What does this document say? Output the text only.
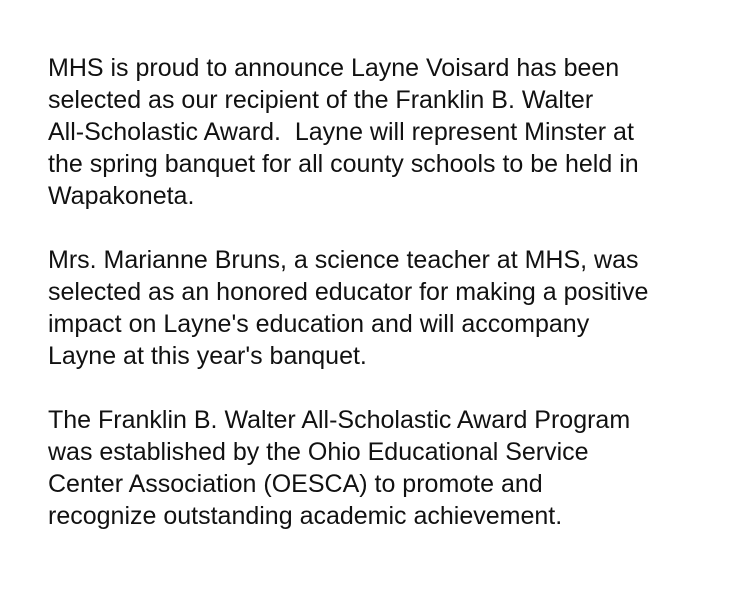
MHS is proud to announce Layne Voisard has been
selected as our recipient of the Franklin B. Walter
All-Scholastic Award.  Layne will represent Minster at
the spring banquet for all county schools to be held in
Wapakoneta.

Mrs. Marianne Bruns, a science teacher at MHS, was
selected as an honored educator for making a positive
impact on Layne's education and will accompany
Layne at this year's banquet.

The Franklin B. Walter All-Scholastic Award Program
was established by the Ohio Educational Service
Center Association (OESCA) to promote and
recognize outstanding academic achievement.
